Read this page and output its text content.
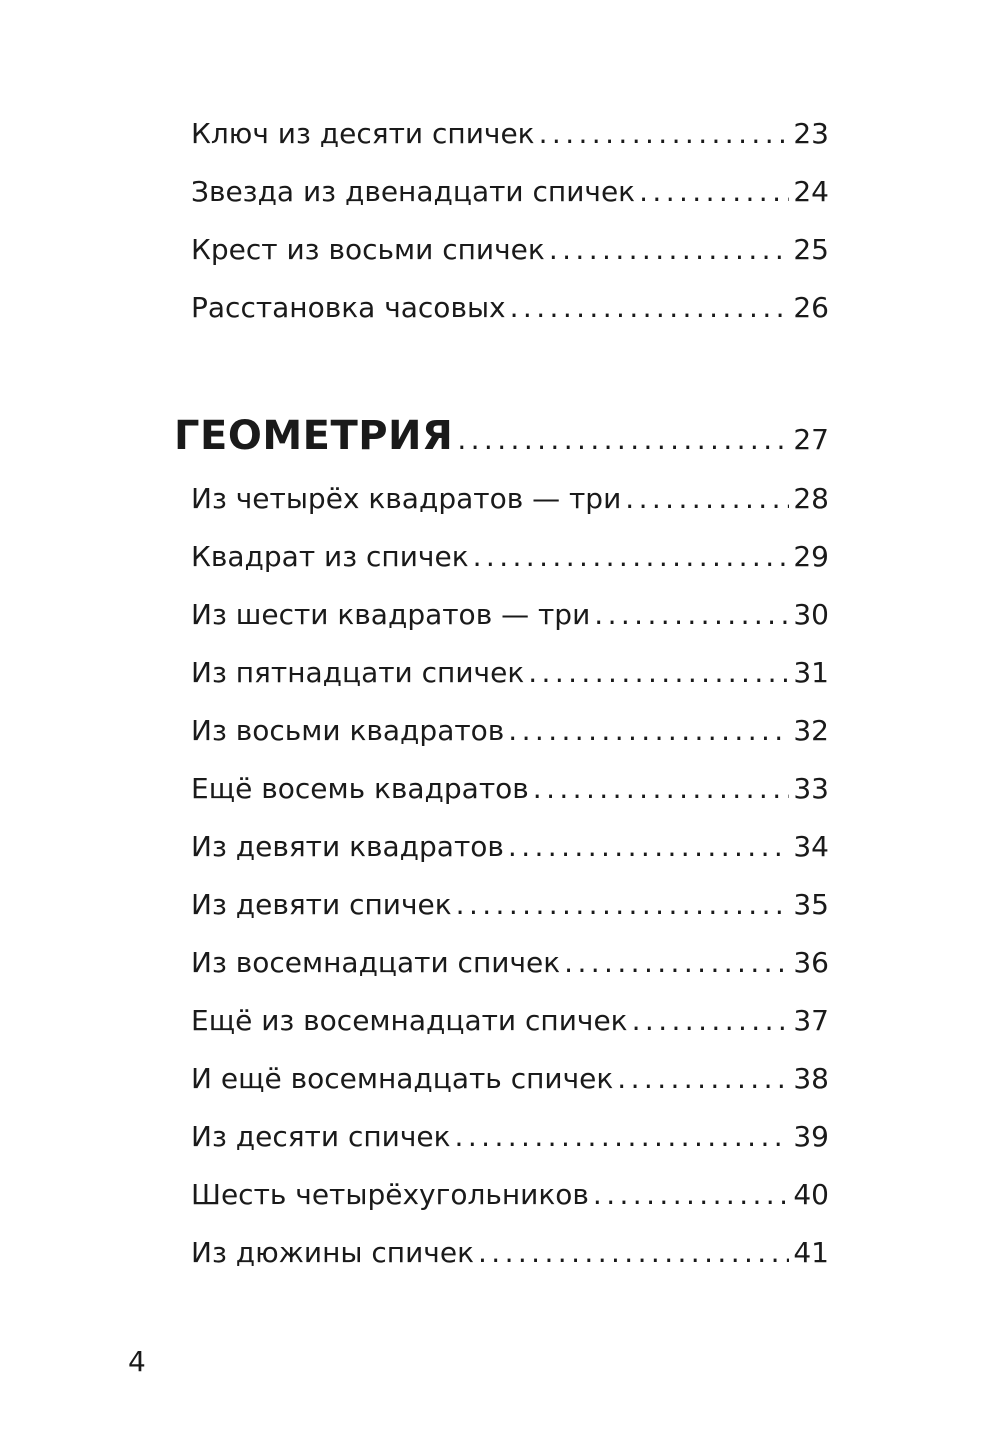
Ключ из десяти спичек .....	23
Звезда из двенадцати спичек .....	24
Крест из восьми спичек .....	25
Расстановка часовых .....	26
ГЕОМЕТРИЯ .....	27
Из четырёх квадратов — три .....	28
Квадрат из спичек .....	29
Из шести квадратов — три .....	30
Из пятнадцати спичек .....	31
Из восьми квадратов .....	32
Ещё восемь квадратов .....	33
Из девяти квадратов .....	34
Из девяти спичек .....	35
Из восемнадцати спичек .....	36
Ещё из восемнадцати спичек .....	37
И ещё восемнадцать спичек .....	38
Из десяти спичек .....	39
Шесть четырёхугольников .....	40
Из дюжины спичек .....	41
4
